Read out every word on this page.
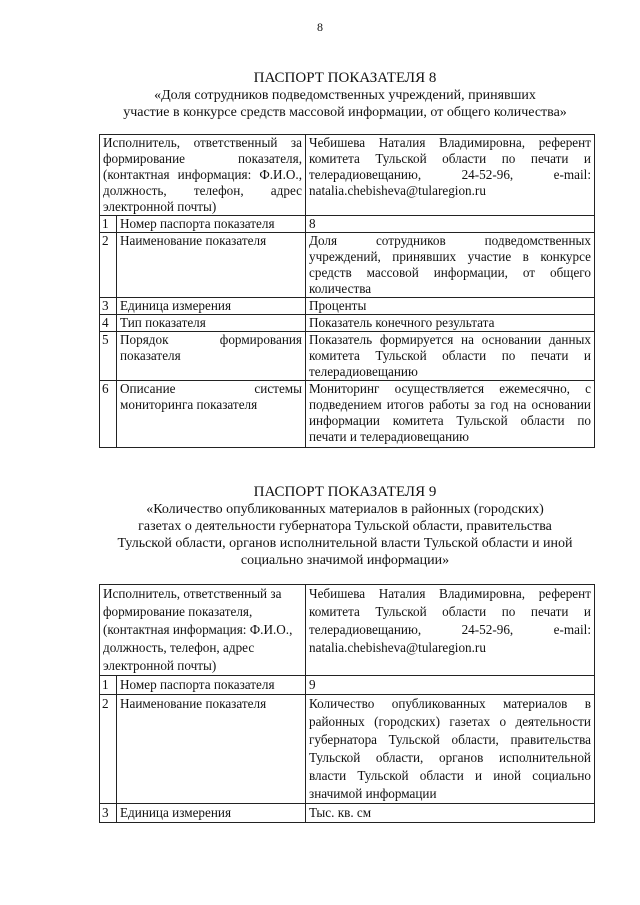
8
ПАСПОРТ ПОКАЗАТЕЛЯ 8
«Доля сотрудников подведомственных учреждений, принявших
участие в конкурсе средств массовой информации, от общего количества»
Исполнитель, ответственный за формирование показателя, (контактная информация: Ф.И.О., должность, телефон, адрес электронной почты)		Чебишева Наталия Владимировна, референт комитета Тульской области по печати и телерадиовещанию, 24-52-96, e-mail: natalia.chebisheva@tularegion.ru
1	Номер паспорта показателя	8
2	Наименование показателя	Доля сотрудников подведомственных учреждений, принявших участие в конкурсе средств массовой информации, от общего количества
3	Единица измерения	Проценты
4	Тип показателя	Показатель конечного результата
5	Порядок формирования показателя	Показатель формируется на основании данных комитета Тульской области по печати и телерадиовещанию
6	Описание системы мониторинга показателя	Мониторинг осуществляется ежемесячно, с подведением итогов работы за год на основании информации комитета Тульской области по печати и телерадиовещанию
ПАСПОРТ ПОКАЗАТЕЛЯ 9
«Количество опубликованных материалов в районных (городских)
газетах о деятельности губернатора Тульской области, правительства
Тульской области, органов исполнительной власти Тульской области и иной
социально значимой информации»
Исполнитель, ответственный за формирование показателя, (контактная информация: Ф.И.О., должность, телефон, адрес электронной почты)		Чебишева Наталия Владимировна, референт комитета Тульской области по печати и телерадиовещанию, 24-52-96, e-mail: natalia.chebisheva@tularegion.ru
1	Номер паспорта показателя	9
2	Наименование показателя	Количество опубликованных материалов в районных (городских) газетах о деятельности губернатора Тульской области, правительства Тульской области, органов исполнительной власти Тульской области и иной социально значимой информации
3	Единица измерения	Тыс. кв. см
